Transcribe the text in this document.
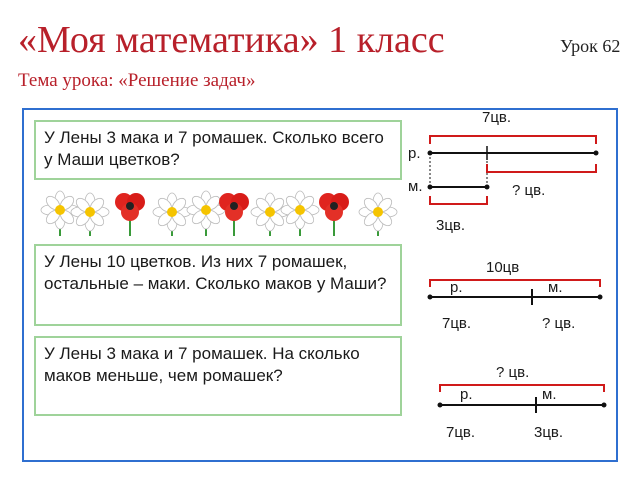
«Моя математика» 1 класс	Урок 62
Тема урока: «Решение задач»
У Лены 3 мака и 7 ромашек. Сколько всего у Маши цветков?
У Лены 10 цветков. Из них 7 ромашек, остальные – маки. Сколько маков у Маши?
У Лены 3 мака и 7 ромашек. На сколько маков меньше, чем ромашек?
7цв.
р.
м.	? цв.
3цв.
10цв
р.	м.
7цв.	? цв.
? цв.
р.	м.
7цв.	3цв.
